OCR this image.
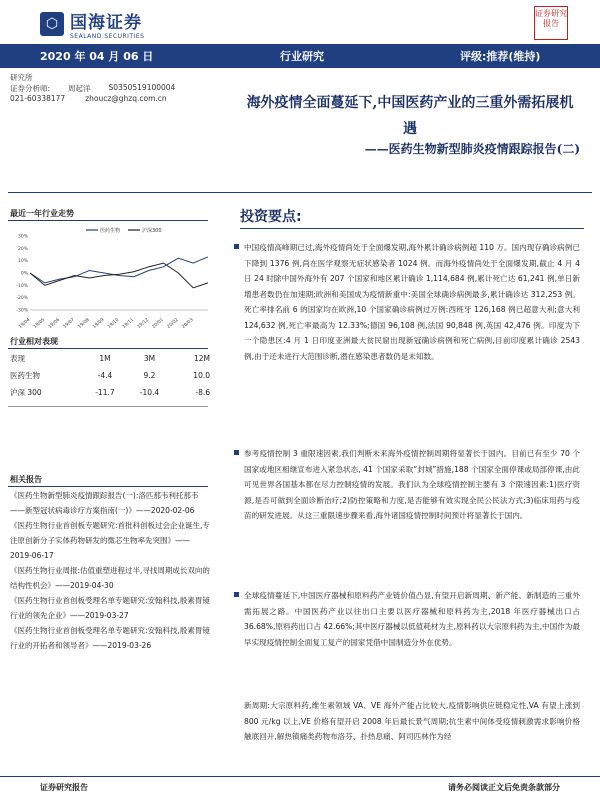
⬡ 国海证券
SEALAND SECURITIES
证券研究报告
2020 年 04 月 06 日	行业研究	评级:推荐(维持)
研究所
证券分析师: 周起洋 S0350519100004
021-60338177	zhoucz@ghzq.com.cn	海外疫情全面蔓延下,中国医药产业的三重外需拓展机遇
——医药生物新型肺炎疫情跟踪报告(二)
最近一年行业走势
医药生物	沪深300
30%
20%
10%
0%
-10%
-20%
-30%
19/04 19/05 19/06 19/07 19/08 19/09 19/10 19/11 19/12 20/01 20/02 20/03
行业相对表现
表现	1M	3M	12M
医药生物	-4.4	9.2	10.0
沪深 300	-11.7	-10.4	-8.6
相关报告
《医药生物新型肺炎疫情跟踪报告(一):洛匹那韦利托那韦——新型冠状病毒诊疗方案指南(一)》——2020-02-06
《医药生物行业首创板专题研究:首批科创板过会企业诞生,专注原创新分子实体药物研发的微芯生物率先突围》——2019-06-17
《医药生物行业周报:估值重塑进程过半,寻找周期成长双向的结构性机会》——2019-04-30
《医药生物行业首创板受理名单专题研究:安翰科技,殷素胃镜行业的领先企业》——2019-03-27
《医药生物行业首创板受理名单专题研究:安翰科技,殷素胃镜行业的开拓者和领导者》——2019-03-26
投资要点:
中国疫情高峰期已过,海外疫情尚处于全面爆发期,海外累计确诊病例超 110 万。国内现存确诊病例已下降到 1376 例,尚在医学观察无症状感染者 1024 例。而海外疫情尚处于全面爆发期,截止 4 月 4 日 24 时除中国外海外有 207 个国家和地区累计确诊 1,114,684 例,累计死亡达 61,241 例,单日新增患者数仍在加速期;欧洲和美国成为疫情新重中:美国全球确诊病例最多,累计确诊达 312,253 例。死亡率排名前 6 的国家均在欧洲,10 个国家确诊病例过万例:西班牙 126,168 例已超意大利;意大利 124,632 例,死亡率最高为 12.33%;德国 96,108 例,法国 90,848 例,英国 42,476 例。印度为下一个隐患区:4 月 1 日印度亚洲最大贫民窟出现新冠确诊病例和死亡病例,目前印度累计确诊 2543 例,由于还未进行大范围诊断,潜在感染患者数仍是未知数。
参考疫情控制 3 重限速因素,我们判断未来海外疫情控制周期将显著长于国内。目前已有至少 70 个国家或地区相继宣布进入紧急状态, 41 个国家采取“封城”措施,188 个国家全面停课或局部停课,由此可见世界各国基本都在尽力控制疫情的发展。我们认为全球疫情控制主要有 3 个限速因素:1)医疗资源,是否可做到全面诊断治疗;2)防控策略和力度,是否能够有效实现全民公民法方式;3)临床用药与疫苗的研发进展。从这三重限速步骤来看,海外诸国疫情控制时间预计将显著长于国内。
全球疫情蔓延下,中国医疗器械和原料药产业链价值凸显,有望开启新周期、新产能、新制造的三重外需拓展之路。中国医药产业以往出口主要以医疗器械和原料药为主,2018 年医疗器械出口占 36.68%,原料药出口占 42.66%;其中医疗器械以低值耗材为主,原料药以大宗原料药为主,中国作为最早实现疫情控制全面复工复产的国家凭借中国制造分外在优势。
新周期:大宗原料药,维生素领域 VA、VE 海外产能占比较大,疫情影响供应链稳定性,VA 有望上涨到 800 元/kg 以上,VE 价格有望开启 2008 年后最长景气周期;抗生素中间体受疫情刺激需求影响价格触底回升,解热镇痛类药物布洛芬、扑热息痛、阿司匹林作为经
证券研究报告	请务必阅读正文后免责条款部分
